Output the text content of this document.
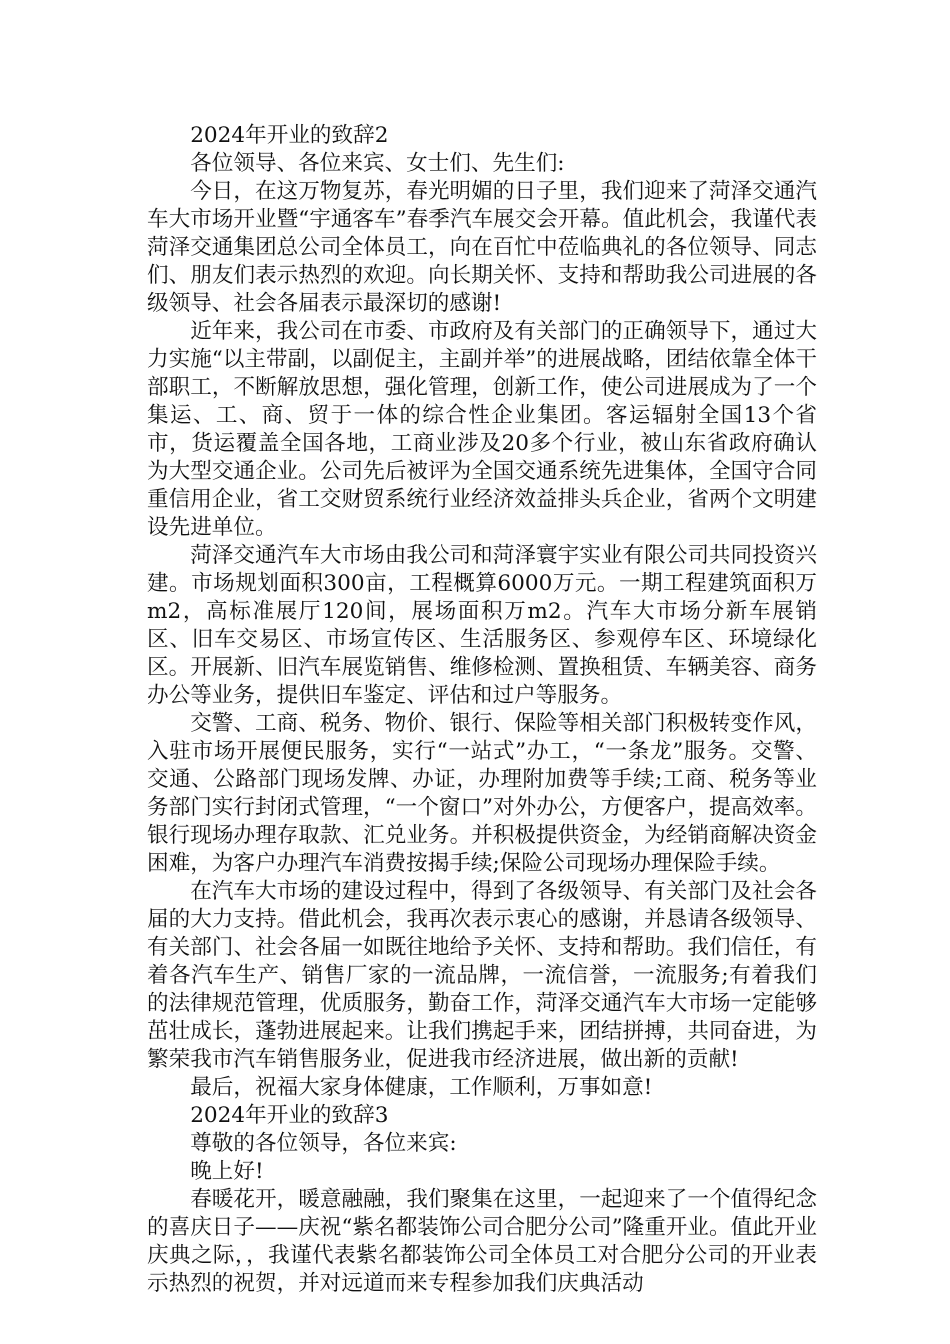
2024年开业的致辞2

各位领导、各位来宾、女士们、先生们:

今日，在这万物复苏，春光明媚的日子里，我们迎来了菏泽交通汽车大市场开业暨“宇通客车”春季汽车展交会开幕。值此机会，我谨代表菏泽交通集团总公司全体员工，向在百忙中莅临典礼的各位领导、同志们、朋友们表示热烈的欢迎。向长期关怀、支持和帮助我公司进展的各级领导、社会各届表示最深切的感谢!

近年来，我公司在市委、市政府及有关部门的正确领导下，通过大力实施“以主带副，以副促主，主副并举”的进展战略，团结依靠全体干部职工，不断解放思想，强化管理，创新工作，使公司进展成为了一个集运、工、商、贸于一体的综合性企业集团。客运辐射全国13个省市，货运覆盖全国各地，工商业涉及20多个行业，被山东省政府确认为大型交通企业。公司先后被评为全国交通系统先进集体，全国守合同重信用企业，省工交财贸系统行业经济效益排头兵企业，省两个文明建设先进单位。

菏泽交通汽车大市场由我公司和菏泽寰宇实业有限公司共同投资兴建。市场规划面积300亩，工程概算6000万元。一期工程建筑面积万m2，高标准展厅120间，展场面积万m2。汽车大市场分新车展销区、旧车交易区、市场宣传区、生活服务区、参观停车区、环境绿化区。开展新、旧汽车展览销售、维修检测、置换租赁、车辆美容、商务办公等业务，提供旧车鉴定、评估和过户等服务。

交警、工商、税务、物价、银行、保险等相关部门积极转变作风，入驻市场开展便民服务，实行“一站式”办工，“一条龙”服务。交警、交通、公路部门现场发牌、办证，办理附加费等手续;工商、税务等业务部门实行封闭式管理，“一个窗口”对外办公，方便客户，提高效率。银行现场办理存取款、汇兑业务。并积极提供资金，为经销商解决资金困难，为客户办理汽车消费按揭手续;保险公司现场办理保险手续。

在汽车大市场的建设过程中，得到了各级领导、有关部门及社会各届的大力支持。借此机会，我再次表示衷心的感谢，并恳请各级领导、有关部门、社会各届一如既往地给予关怀、支持和帮助。我们信任，有着各汽车生产、销售厂家的一流品牌，一流信誉，一流服务;有着我们的法律规范管理，优质服务，勤奋工作，菏泽交通汽车大市场一定能够茁壮成长，蓬勃进展起来。让我们携起手来，团结拼搏，共同奋进，为繁荣我市汽车销售服务业，促进我市经济进展，做出新的贡献!

最后，祝福大家身体健康，工作顺利，万事如意!

2024年开业的致辞3

尊敬的各位领导，各位来宾:

晚上好!

春暖花开，暖意融融，我们聚集在这里，一起迎来了一个值得纪念的喜庆日子——庆祝“紫名都装饰公司合肥分公司”隆重开业。值此开业庆典之际，，我谨代表紫名都装饰公司全体员工对合肥分公司的开业表示热烈的祝贺，并对远道而来专程参加我们庆典活动
